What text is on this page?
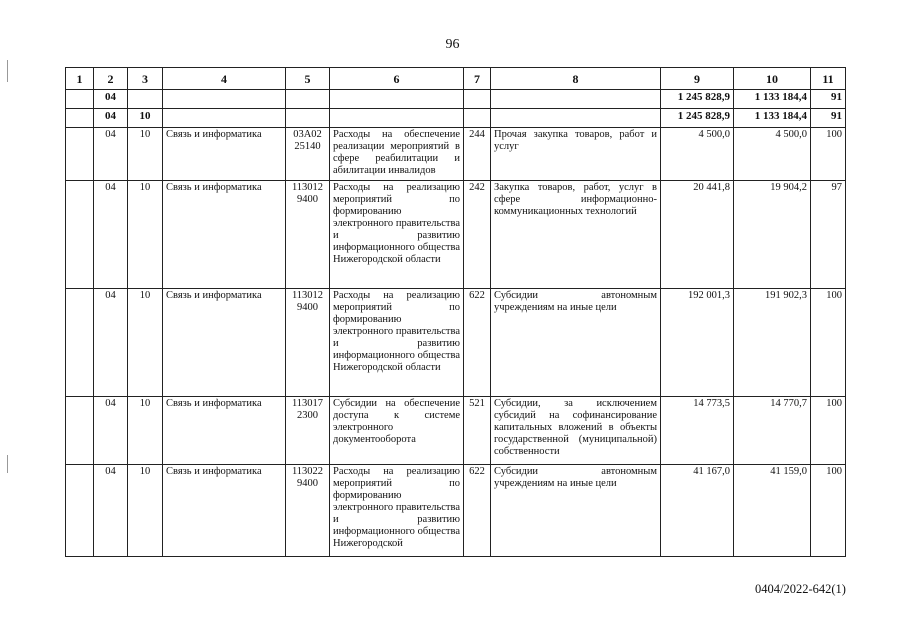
96
1	2	3	4	5	6	7	8	9	10	11
	04							1 245 828,9	1 133 184,4	91
	04	10						1 245 828,9	1 133 184,4	91
	04	10	Связь и информатика	03А02 25140	Расходы на обеспечение реализации мероприятий в сфере реабилитации и абилитации инвалидов	244	Прочая закупка товаров, работ и услуг	4 500,0	4 500,0	100
	04	10	Связь и информатика	113012 9400	Расходы на реализацию мероприятий по формированию электронного правительства и развитию информационного общества Нижегородской области	242	Закупка товаров, работ, услуг в сфере информационно-коммуникационных технологий	20 441,8	19 904,2	97
	04	10	Связь и информатика	113012 9400	Расходы на реализацию мероприятий по формированию электронного правительства и развитию информационного общества Нижегородской области	622	Субсидии автономным учреждениям на иные цели	192 001,3	191 902,3	100
	04	10	Связь и информатика	113017 2300	Субсидии на обеспечение доступа к системе электронного документооборота	521	Субсидии, за исключением субсидий на софинансирование капитальных вложений в объекты государственной (муниципальной) собственности	14 773,5	14 770,7	100
	04	10	Связь и информатика	113022 9400	Расходы на реализацию мероприятий по формированию электронного правительства и развитию информационного общества Нижегородской	622	Субсидии автономным учреждениям на иные цели	41 167,0	41 159,0	100
0404/2022-642(1)
